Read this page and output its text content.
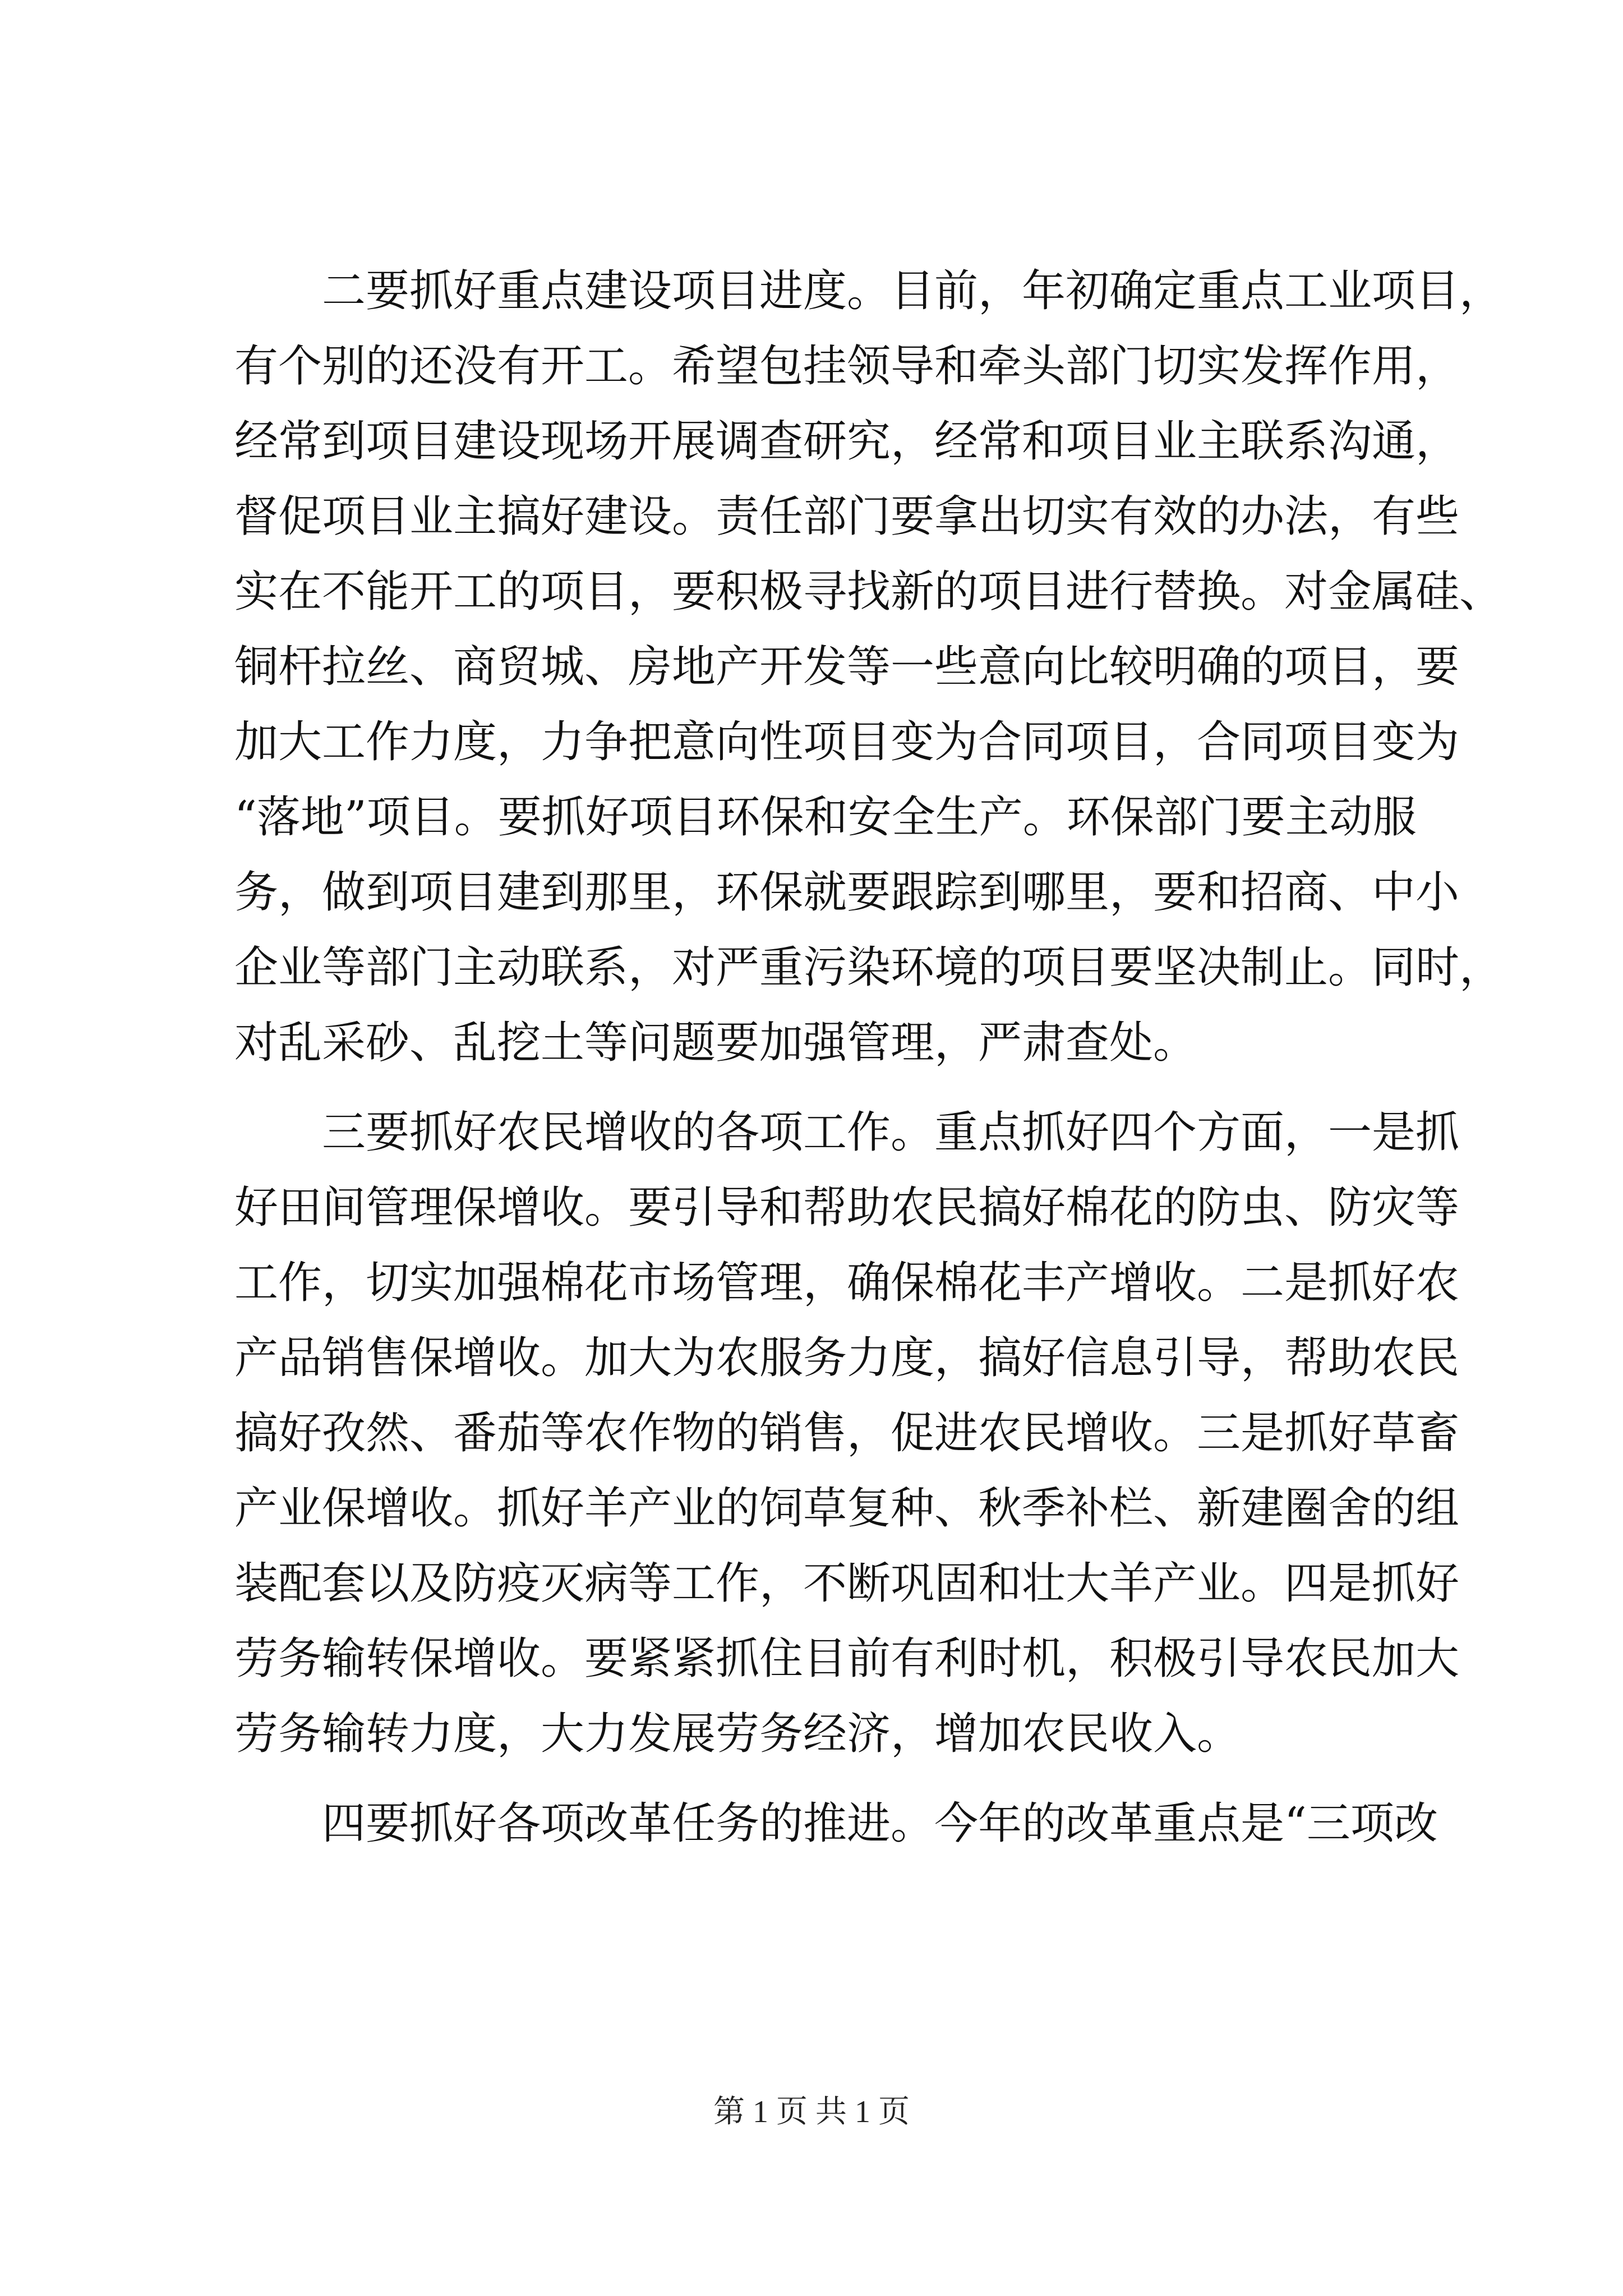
二要抓好重点建设项目进度。目前，年初确定重点工业项目，
有个别的还没有开工。希望包挂领导和牵头部门切实发挥作用，
经常到项目建设现场开展调查研究，经常和项目业主联系沟通，
督促项目业主搞好建设。责任部门要拿出切实有效的办法，有些
实在不能开工的项目，要积极寻找新的项目进行替换。对金属硅、
铜杆拉丝、商贸城、房地产开发等一些意向比较明确的项目，要
加大工作力度，力争把意向性项目变为合同项目，合同项目变为
“落地”项目。要抓好项目环保和安全生产。环保部门要主动服
务，做到项目建到那里，环保就要跟踪到哪里，要和招商、中小
企业等部门主动联系，对严重污染环境的项目要坚决制止。同时，
对乱采砂、乱挖土等问题要加强管理，严肃查处。
三要抓好农民增收的各项工作。重点抓好四个方面，一是抓
好田间管理保增收。要引导和帮助农民搞好棉花的防虫、防灾等
工作，切实加强棉花市场管理，确保棉花丰产增收。二是抓好农
产品销售保增收。加大为农服务力度，搞好信息引导，帮助农民
搞好孜然、番茄等农作物的销售，促进农民增收。三是抓好草畜
产业保增收。抓好羊产业的饲草复种、秋季补栏、新建圈舍的组
装配套以及防疫灭病等工作，不断巩固和壮大羊产业。四是抓好
劳务输转保增收。要紧紧抓住目前有利时机，积极引导农民加大
劳务输转力度，大力发展劳务经济，增加农民收入。
四要抓好各项改革任务的推进。今年的改革重点是“三项改
第 1 页 共 1 页
